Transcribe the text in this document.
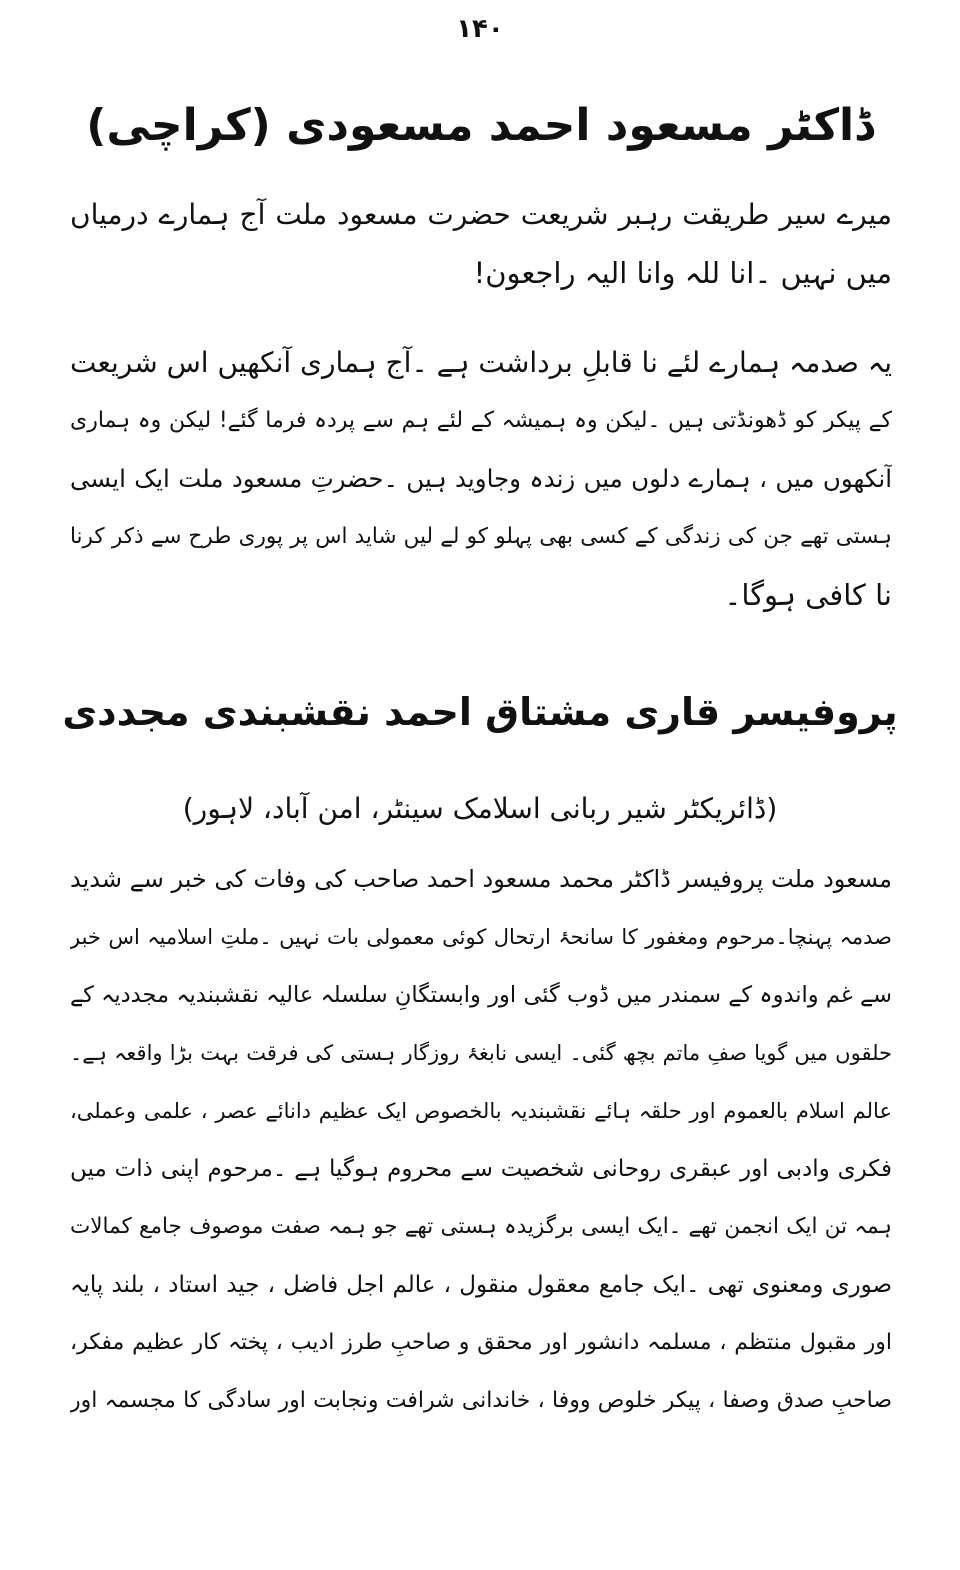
۱۴۰
ڈاکٹر مسعود احمد مسعودی (کراچی)
میرے سیر طریقت رہبر شریعت حضرت مسعود ملت آج ہمارے درمیاں
میں نہیں ۔انا للہ وانا الیہ راجعون!
یہ صدمہ ہمارے لئے نا قابلِ برداشت ہے ۔آج ہماری آنکھیں اس شریعت
کے پیکر کو ڈھونڈتی ہیں ۔لیکن وہ ہمیشہ کے لئے ہم سے پردہ فرما گئے! لیکن وہ ہماری
آنکھوں میں ، ہمارے دلوں میں زندہ وجاوید ہیں ۔حضرتِ مسعود ملت ایک ایسی
ہستی تھے جن کی زندگی کے کسی بھی پہلو کو لے لیں شاید اس پر پوری طرح سے ذکر کرنا
نا کافی ہوگا۔
پروفیسر قاری مشتاق احمد نقشبندی مجددی
(ڈائریکٹر شیر ربانی اسلامک سینٹر، امن آباد، لاہور)
مسعود ملت پروفیسر ڈاکٹر محمد مسعود احمد صاحب کی وفات کی خبر سے شدید
صدمہ پہنچا۔مرحوم ومغفور کا سانحۂ ارتحال کوئی معمولی بات نہیں ۔ملتِ اسلامیہ اس خبر
سے غم واندوہ کے سمندر میں ڈوب گئی اور وابستگانِ سلسلہ عالیہ نقشبندیہ مجددیہ کے
حلقوں میں گویا صفِ ماتم بچھ گئی۔ ایسی نابغۂ روزگار ہستی کی فرقت بہت بڑا واقعہ ہے۔
عالم اسلام بالعموم اور حلقہ ہائے نقشبندیہ بالخصوص ایک عظیم دانائے عصر ، علمی وعملی،
فکری وادبی اور عبقری روحانی شخصیت سے محروم ہوگیا ہے ۔مرحوم اپنی ذات میں
ہمہ تن ایک انجمن تھے ۔ایک ایسی برگزیدہ ہستی تھے جو ہمہ صفت موصوف جامع کمالات
صوری ومعنوی تھی ۔ایک جامع معقول منقول ، عالم اجل فاضل ، جید استاد ، بلند پایہ
اور مقبول منتظم ، مسلمہ دانشور اور محقق و صاحبِ طرز ادیب ، پختہ کار عظیم مفکر،
صاحبِ صدق وصفا ، پیکر خلوص ووفا ، خاندانی شرافت ونجابت اور سادگی کا مجسمہ اور
